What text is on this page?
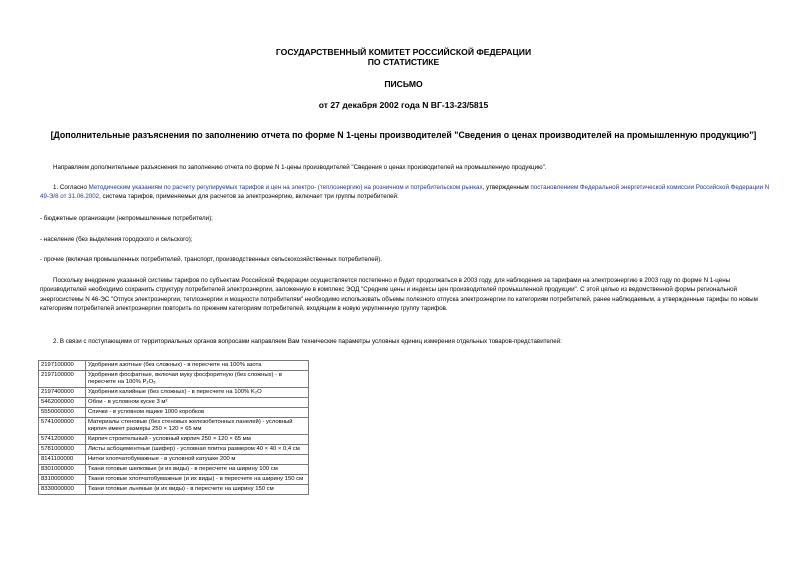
ГОСУДАРСТВЕННЫЙ КОМИТЕТ РОССИЙСКОЙ ФЕДЕРАЦИИ
ПО СТАТИСТИКЕ
ПИСЬМО
от 27 декабря 2002 года N ВГ-13-23/5815
[Дополнительные разъяснения по заполнению отчета по форме N 1-цены производителей "Сведения о ценах производителей на промышленную продукцию"]
Направляем дополнительные разъяснения по заполнению отчета по форме N 1-цены производителей "Сведения о ценах производителей на промышленную продукцию".
1. Согласно Методическим указаниям по расчету регулируемых тарифов и цен на электро- (теплоэнергию) на розничном и потребительском рынках, утвержденным постановлением Федеральной энергетической комиссии Российской Федерации N 49-Э/8 от 31.06.2002, система тарифов, применяемых для расчетов за электроэнергию, включает три группы потребителей:
- бюджетные организации (непромышленные потребители);
- население (без выделения городского и сельского);
- прочие (включая промышленных потребителей, транспорт, производственных сельскохозяйственных потребителей).
Поскольку внедрение указанной системы тарифов по субъектам Российской Федерации осуществляется постепенно и будет продолжаться в 2003 году, для наблюдения за тарифами на электроэнергию в 2003 году по форме N 1-цены производителей необходимо сохранить структуру потребителей электроэнергии, заложенную в комплекс ЭОД "Средние цены и индексы цен производителей промышленной продукции". С этой целью из ведомственной формы региональной энергосистемы N 46-ЭС "Отпуск электроэнергии, теплоэнергии и мощности потребителям" необходимо использовать объемы полезного отпуска электроэнергии по категориям потребителей, ранее наблюдаемым, а утвержденные тарифы по новым категориям потребителей электроэнергии повторить по прежним категориям потребителей, входящим в новую укрупненную группу тарифов.
2. В связи с поступающими от территориальных органов вопросами направляем Вам технические параметры условных единиц измерения отдельных товаров-представителей:
2197100000	Удобрения азотные (без сложных) - в пересчете на 100% азота
2197100000	Удобрения фосфатные, включая муку фосфоритную (без сложных) - в пересчете на 100% P₂O₅
2197400000	Удобрения калийные (без сложных) - в пересчете на 100% K₂O
5462000000	Обои - в условном куске 3 м²
5550000000	Спички - в условном ящике 1000 коробков
5741000000	Материалы стеновые (без стеновых железобетонных панелей) - условный кирпич имеет размеры 250 × 120 × 65 мм
5741200000	Кирпич строительный - условный кирпич 250 × 120 × 65 мм
5781000000	Листы асбоцементные (шифер) - условная плитка размером 40 × 40 × 0,4 см
8141100000	Нитки хлопчатобумажные - в условной катушке 200 м
8301000000	Ткани готовые шелковые (и их виды) - в пересчете на ширину 100 см
8310000000	Ткани готовые хлопчатобумажные (и их виды) - в пересчете на ширину 150 см
8330000000	Ткани готовые льняные (и их виды) - в пересчете на ширину 150 см
